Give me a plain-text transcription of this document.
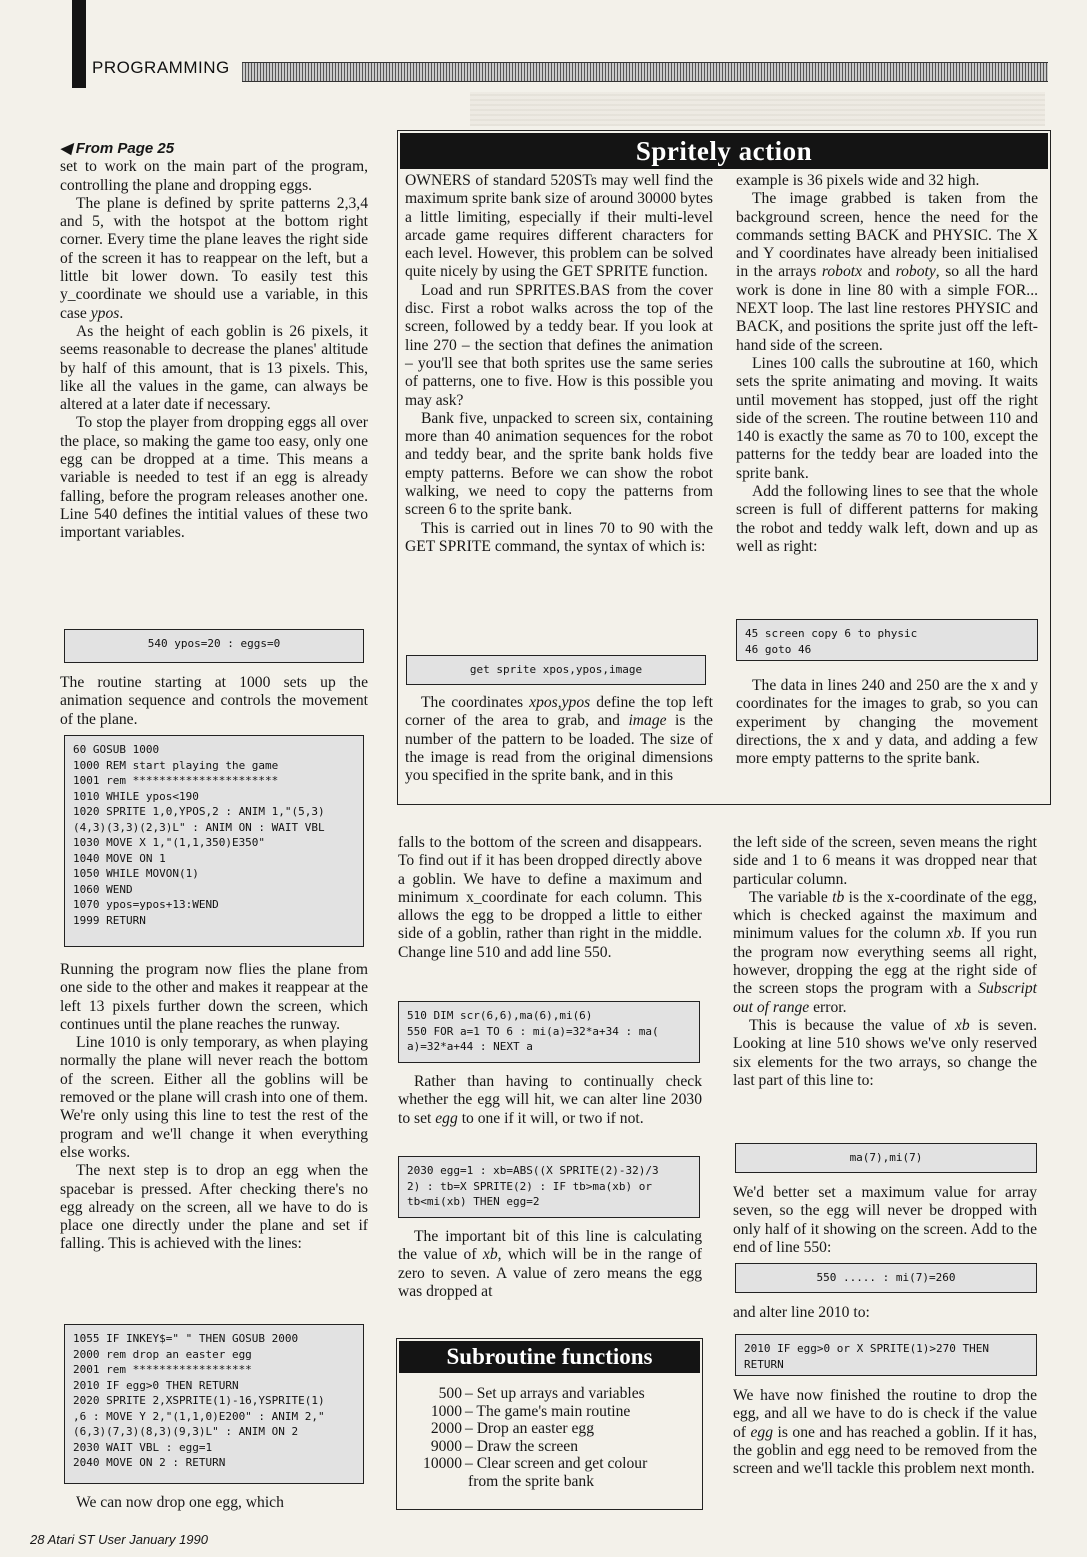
PROGRAMMING

◀ From Page 25

set to work on the main part of the program, controlling the plane and dropping eggs.

The plane is defined by sprite patterns 2,3,4 and 5, with the hotspot at the bottom right corner. Every time the plane leaves the right side of the screen it has to reappear on the left, but a little bit lower down. To easily test this y_coordinate we should use a variable, in this case ypos.

As the height of each goblin is 26 pixels, it seems reasonable to decrease the planes' altitude by half of this amount, that is 13 pixels. This, like all the values in the game, can always be altered at a later date if necessary.

To stop the player from dropping eggs all over the place, so making the game too easy, only one egg can be dropped at a time. This means a variable is needed to test if an egg is already falling, before the program releases another one. Line 540 defines the intitial values of these two important variables.

540 ypos=20 : eggs=0

The routine starting at 1000 sets up the animation sequence and controls the movement of the plane.

60 GOSUB 1000
1000 REM start playing the game
1001 rem **********************
1010 WHILE ypos<190
1020 SPRITE 1,0,YPOS,2 : ANIM 1,"(5,3)
(4,3)(3,3)(2,3)L" : ANIM ON : WAIT VBL
1030 MOVE X 1,"(1,1,350)E350"
1040 MOVE ON 1
1050 WHILE MOVON(1)
1060 WEND
1070 ypos=ypos+13:WEND
1999 RETURN

Running the program now flies the plane from one side to the other and makes it reappear at the left 13 pixels further down the screen, which continues until the plane reaches the runway.

Line 1010 is only temporary, as when playing normally the plane will never reach the bottom of the screen. Either all the goblins will be removed or the plane will crash into one of them. We're only using this line to test the rest of the program and we'll change it when everything else works.

The next step is to drop an egg when the spacebar is pressed. After checking there's no egg already on the screen, all we have to do is place one directly under the plane and set if falling. This is achieved with the lines:

1055 IF INKEY$=" " THEN GOSUB 2000
2000 rem drop an easter egg
2001 rem ******************
2010 IF egg>0 THEN RETURN
2020 SPRITE 2,XSPRITE(1)-16,YSPRITE(1)
,6 : MOVE Y 2,"(1,1,0)E200" : ANIM 2,"
(6,3)(7,3)(8,3)(9,3)L" : ANIM ON 2
2030 WAIT VBL : egg=1
2040 MOVE ON 2 : RETURN

We can now drop one egg, which

Spritely action

OWNERS of standard 520STs may well find the maximum sprite bank size of around 30000 bytes a little limiting, especially if their multi-level arcade game requires different characters for each level. However, this problem can be solved quite nicely by using the GET SPRITE function.

Load and run SPRITES.BAS from the cover disc. First a robot walks across the top of the screen, followed by a teddy bear. If you look at line 270 – the section that defines the animation – you'll see that both sprites use the same series of patterns, one to five. How is this possible you may ask?

Bank five, unpacked to screen six, containing more than 40 animation sequences for the robot and teddy bear, and the sprite bank holds five empty patterns. Before we can show the robot walking, we need to copy the patterns from screen 6 to the sprite bank.

This is carried out in lines 70 to 90 with the GET SPRITE command, the syntax of which is:

get sprite xpos,ypos,image

The coordinates xpos,ypos define the top left corner of the area to grab, and image is the number of the pattern to be loaded. The size of the image is read from the original dimensions you specified in the sprite bank, and in this

example is 36 pixels wide and 32 high.

The image grabbed is taken from the background screen, hence the need for the commands setting BACK and PHYSIC. The X and Y coordinates have already been initialised in the arrays robotx and roboty, so all the hard work is done in line 80 with a simple FOR... NEXT loop. The last line restores PHYSIC and BACK, and positions the sprite just off the left-hand side of the screen.

Lines 100 calls the subroutine at 160, which sets the sprite animating and moving. It waits until movement has stopped, just off the right side of the screen. The routine between 110 and 140 is exactly the same as 70 to 100, except the patterns for the teddy bear are loaded into the sprite bank.

Add the following lines to see that the whole screen is full of different patterns for making the robot and teddy walk left, down and up as well as right:

45 screen copy 6 to physic
46 goto 46

The data in lines 240 and 250 are the x and y coordinates for the images to grab, so you can experiment by changing the movement directions, the x and y data, and adding a few more empty patterns to the sprite bank.

falls to the bottom of the screen and disappears. To find out if it has been dropped directly above a goblin. We have to define a maximum and minimum x_coordinate for each column. This allows the egg to be dropped a little to either side of a goblin, rather than right in the middle. Change line 510 and add line 550.

510 DIM scr(6,6),ma(6),mi(6)
550 FOR a=1 TO 6 : mi(a)=32*a+34 : ma(
a)=32*a+44 : NEXT a

Rather than having to continually check whether the egg will hit, we can alter line 2030 to set egg to one if it will, or two if not.

2030 egg=1 : xb=ABS((X SPRITE(2)-32)/3
2) : tb=X SPRITE(2) : IF tb>ma(xb) or
tb<mi(xb) THEN egg=2

The important bit of this line is calculating the value of xb, which will be in the range of zero to seven. A value of zero means the egg was dropped at

Subroutine functions
500 – Set up arrays and variables
1000 – The game's main routine
2000 – Drop an easter egg
9000 – Draw the screen
10000 – Clear screen and get colour
from the sprite bank

the left side of the screen, seven means the right side and 1 to 6 means it was dropped near that particular column.

The variable tb is the x-coordinate of the egg, which is checked against the maximum and minimum values for the column xb. If you run the program now everything seems all right, however, dropping the egg at the right side of the screen stops the program with a Subscript out of range error.

This is because the value of xb is seven. Looking at line 510 shows we've only reserved six elements for the two arrays, so change the last part of this line to:

ma(7),mi(7)

We'd better set a maximum value for array seven, so the egg will never be dropped with only half of it showing on the screen. Add to the end of line 550:

550 ..... : mi(7)=260

and alter line 2010 to:

2010 IF egg>0 or X SPRITE(1)>270 THEN
RETURN

We have now finished the routine to drop the egg, and all we have to do is check if the value of egg is one and has reached a goblin. If it has, the goblin and egg need to be removed from the screen and we'll tackle this problem next month.

28 Atari ST User January 1990
